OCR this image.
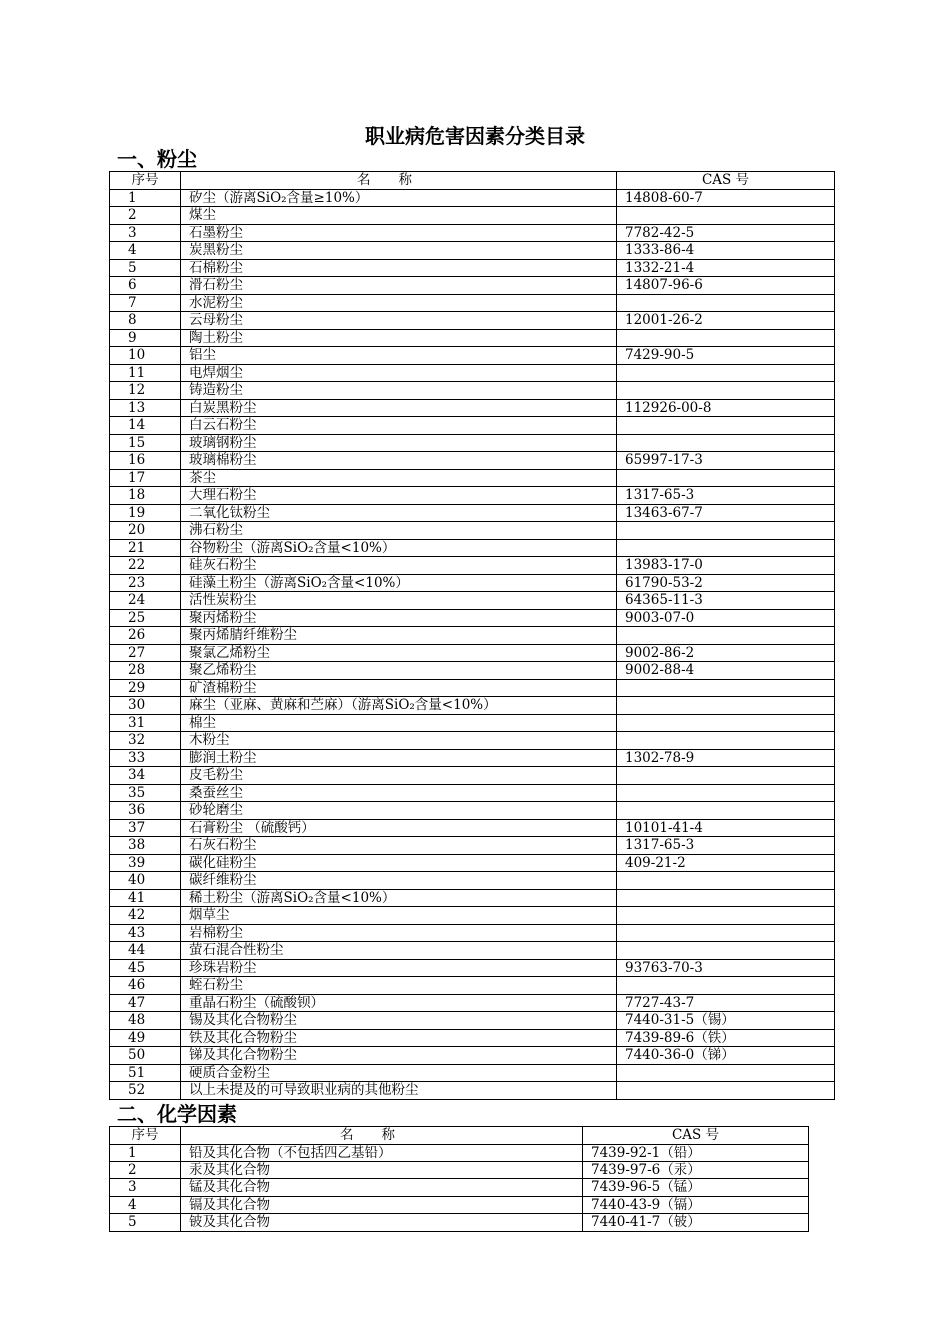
职业病危害因素分类目录
一、粉尘
序号	名称	CAS 号
1	矽尘（游离SiO₂含量≥10%）	14808-60-7
2	煤尘	
3	石墨粉尘	7782-42-5
4	炭黑粉尘	1333-86-4
5	石棉粉尘	1332-21-4
6	滑石粉尘	14807-96-6
7	水泥粉尘	
8	云母粉尘	12001-26-2
9	陶土粉尘	
10	铝尘	7429-90-5
11	电焊烟尘	
12	铸造粉尘	
13	白炭黑粉尘	112926-00-8
14	白云石粉尘	
15	玻璃钢粉尘	
16	玻璃棉粉尘	65997-17-3
17	茶尘	
18	大理石粉尘	1317-65-3
19	二氧化钛粉尘	13463-67-7
20	沸石粉尘	
21	谷物粉尘（游离SiO₂含量<10%）	
22	硅灰石粉尘	13983-17-0
23	硅藻土粉尘（游离SiO₂含量<10%）	61790-53-2
24	活性炭粉尘	64365-11-3
25	聚丙烯粉尘	9003-07-0
26	聚丙烯腈纤维粉尘	
27	聚氯乙烯粉尘	9002-86-2
28	聚乙烯粉尘	9002-88-4
29	矿渣棉粉尘	
30	麻尘（亚麻、黄麻和苎麻）（游离SiO₂含量<10%）	
31	棉尘	
32	木粉尘	
33	膨润土粉尘	1302-78-9
34	皮毛粉尘	
35	桑蚕丝尘	
36	砂轮磨尘	
37	石膏粉尘 （硫酸钙）	10101-41-4
38	石灰石粉尘	1317-65-3
39	碳化硅粉尘	409-21-2
40	碳纤维粉尘	
41	稀土粉尘（游离SiO₂含量<10%）	
42	烟草尘	
43	岩棉粉尘	
44	萤石混合性粉尘	
45	珍珠岩粉尘	93763-70-3
46	蛭石粉尘	
47	重晶石粉尘（硫酸钡）	7727-43-7
48	锡及其化合物粉尘	7440-31-5（锡）
49	铁及其化合物粉尘	7439-89-6（铁）
50	锑及其化合物粉尘	7440-36-0（锑）
51	硬质合金粉尘	
52	以上未提及的可导致职业病的其他粉尘	
二、化学因素
序号	名称	CAS 号
1	铅及其化合物（不包括四乙基铅）	7439-92-1（铅）
2	汞及其化合物	7439-97-6（汞）
3	锰及其化合物	7439-96-5（锰）
4	镉及其化合物	7440-43-9（镉）
5	铍及其化合物	7440-41-7（铍）
